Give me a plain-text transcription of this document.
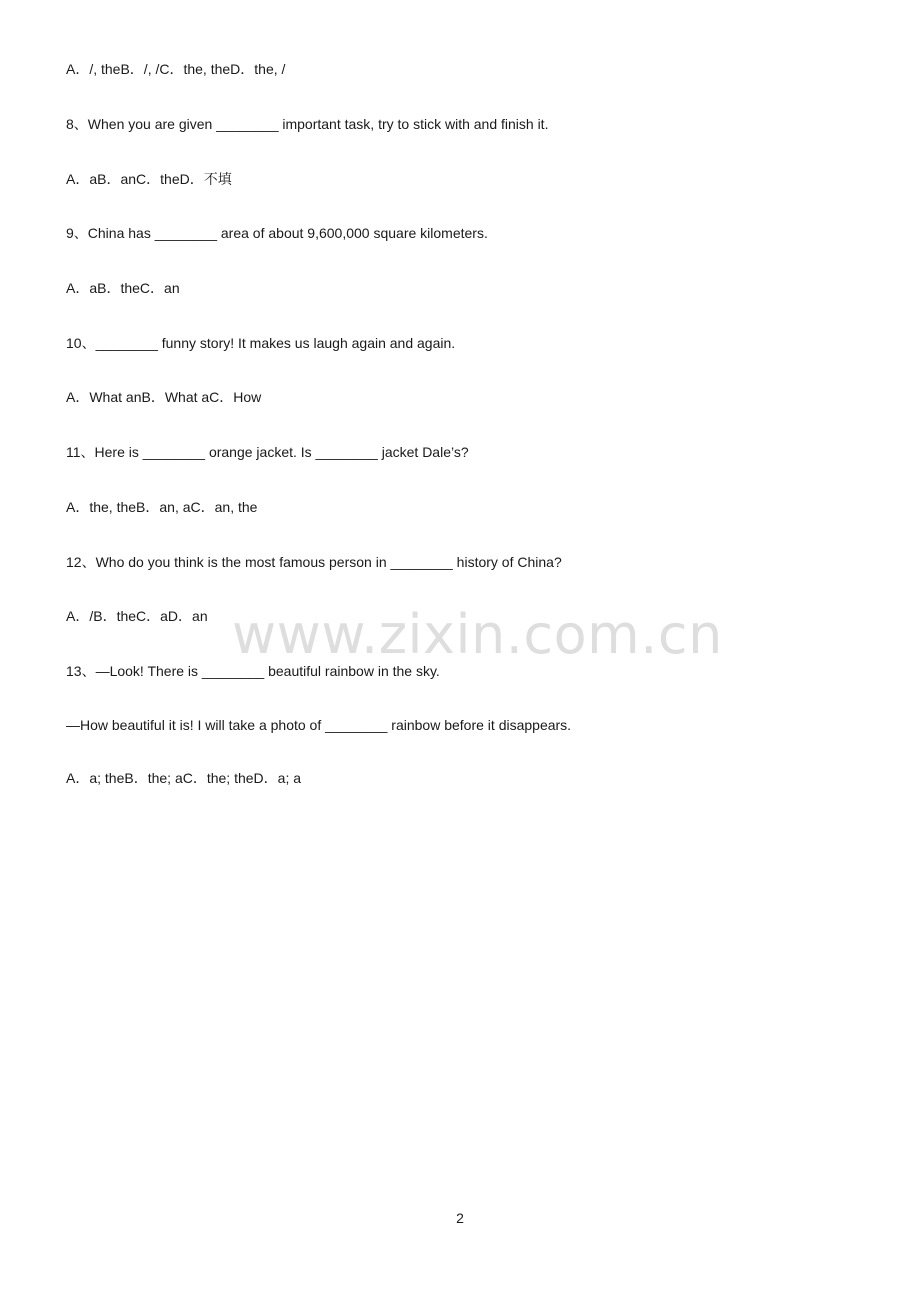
A．/, theB．/, /C．the, theD．the, /
8、When you are given ________ important task, try to stick with and finish it.
A．aB．anC．theD．不填
9、China has ________ area of about 9,600,000 square kilometers.
A．aB．theC．an
10、________ funny story! It makes us laugh again and again.
A．What anB．What aC．How
11、Here is ________ orange jacket. Is ________ jacket Dale’s?
A．the, theB．an, aC．an, the
12、Who do you think is the most famous person in ________ history of China?
A．/B．theC．aD．an
13、—Look! There is ________ beautiful rainbow in the sky.
—How beautiful it is! I will take a photo of ________ rainbow before it disappears.
A．a; theB．the; aC．the; theD．a; a
www.zixin.com.cn
2
